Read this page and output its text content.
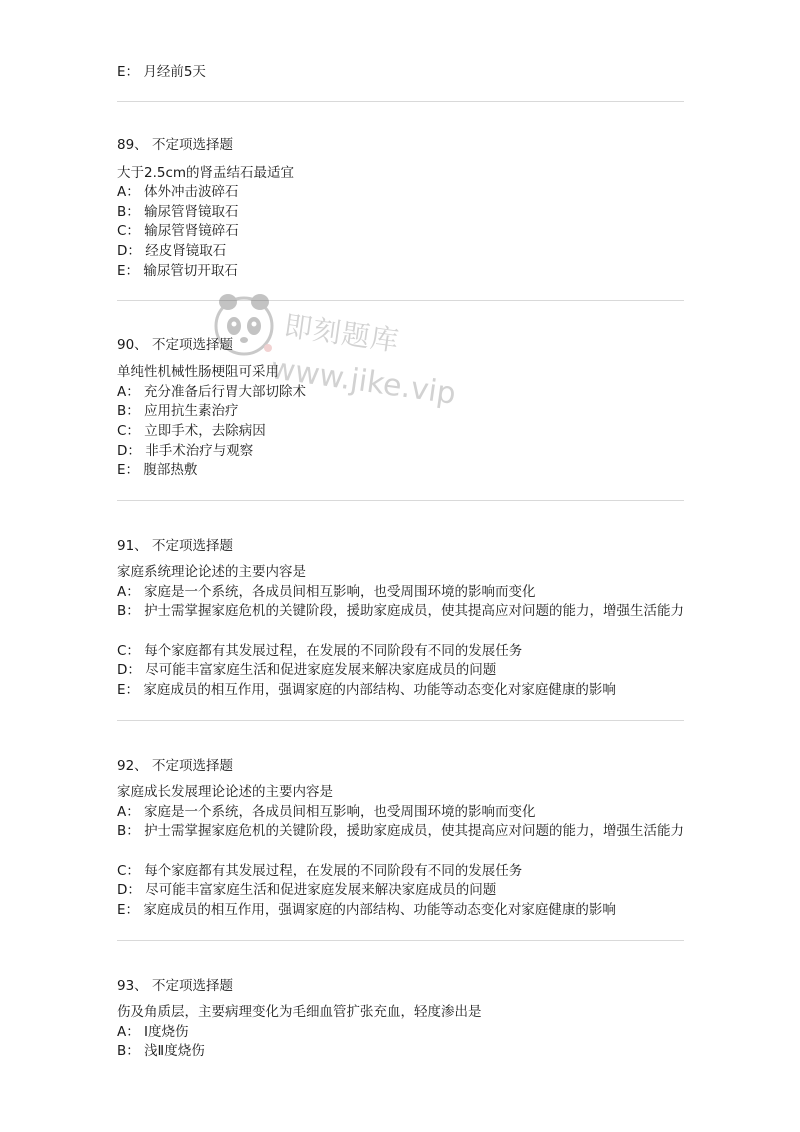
E： 月经前5天
89、 不定项选择题
大于2.5cm的肾盂结石最适宜
A： 体外冲击波碎石
B： 输尿管肾镜取石
C： 输尿管肾镜碎石
D： 经皮肾镜取石
E： 输尿管切开取石
90、 不定项选择题
单纯性机械性肠梗阻可采用
A： 充分准备后行胃大部切除术
B： 应用抗生素治疗
C： 立即手术，去除病因
D： 非手术治疗与观察
E： 腹部热敷
91、 不定项选择题
家庭系统理论论述的主要内容是
A： 家庭是一个系统，各成员间相互影响，也受周围环境的影响而变化
B： 护士需掌握家庭危机的关键阶段，援助家庭成员，使其提高应对问题的能力，增强生活能力
C： 每个家庭都有其发展过程，在发展的不同阶段有不同的发展任务
D： 尽可能丰富家庭生活和促进家庭发展来解决家庭成员的问题
E： 家庭成员的相互作用，强调家庭的内部结构、功能等动态变化对家庭健康的影响
92、 不定项选择题
家庭成长发展理论论述的主要内容是
A： 家庭是一个系统，各成员间相互影响，也受周围环境的影响而变化
B： 护士需掌握家庭危机的关键阶段，援助家庭成员，使其提高应对问题的能力，增强生活能力
C： 每个家庭都有其发展过程，在发展的不同阶段有不同的发展任务
D： 尽可能丰富家庭生活和促进家庭发展来解决家庭成员的问题
E： 家庭成员的相互作用，强调家庭的内部结构、功能等动态变化对家庭健康的影响
93、 不定项选择题
伤及角质层，主要病理变化为毛细血管扩张充血，轻度渗出是
A： Ⅰ度烧伤
B： 浅Ⅱ度烧伤
即刻题库
www.jike.vip
